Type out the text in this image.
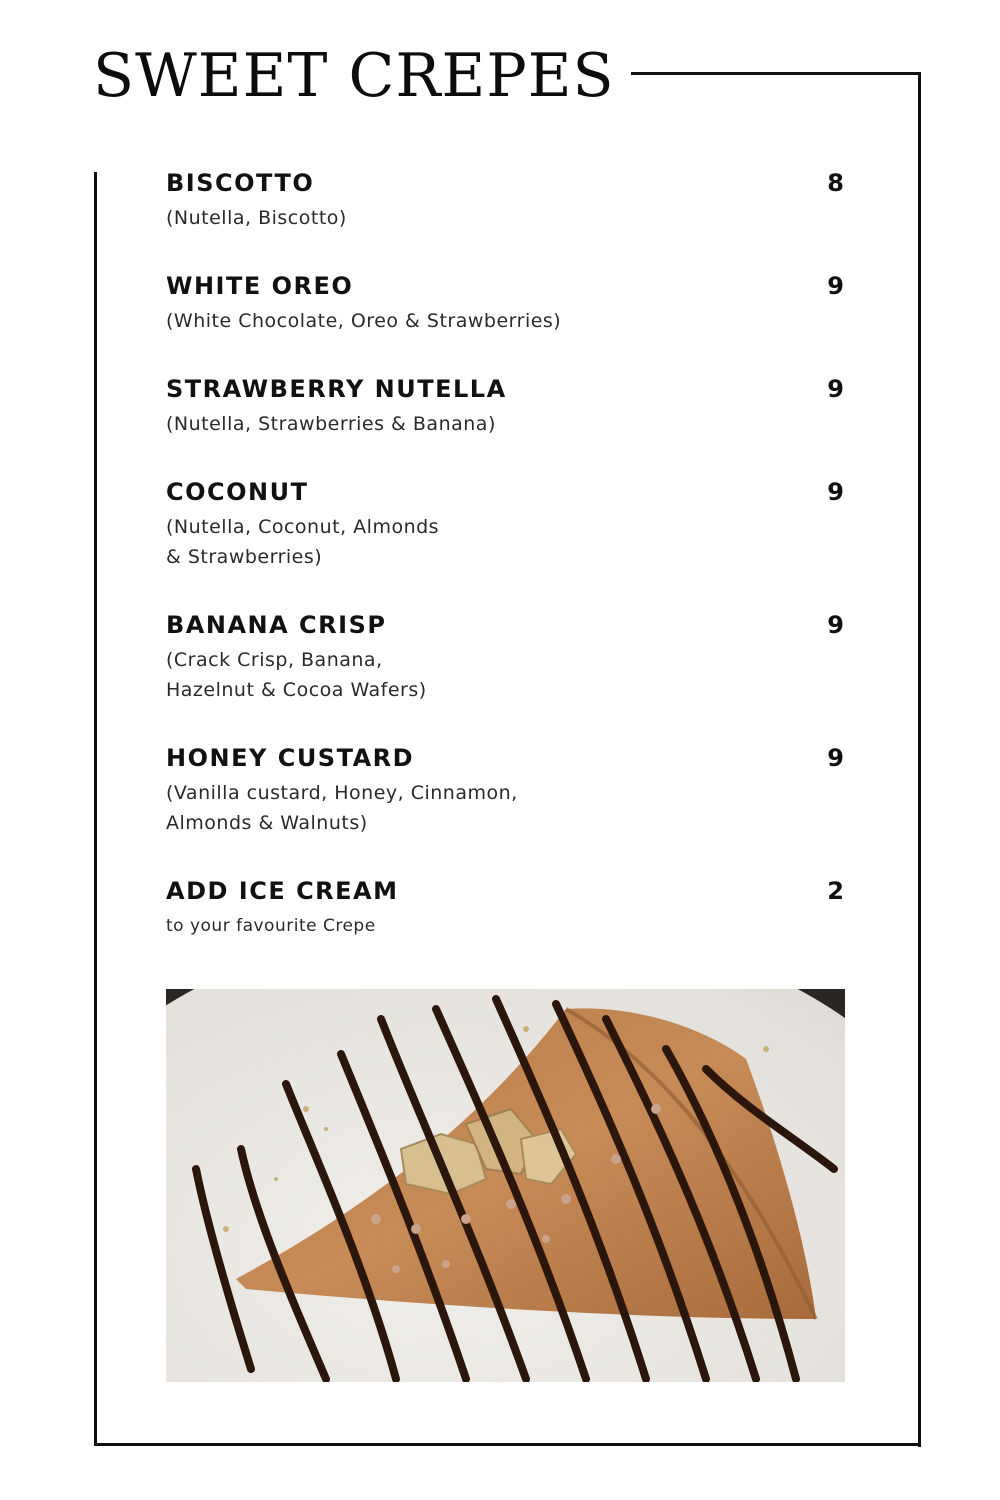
SWEET CREPES
BISCOTTO	8
(Nutella, Biscotto)
WHITE OREO	9
(White Chocolate, Oreo & Strawberries)
STRAWBERRY NUTELLA	9
(Nutella, Strawberries & Banana)
COCONUT	9
(Nutella, Coconut, Almonds
& Strawberries)
BANANA CRISP	9
(Crack Crisp, Banana,
Hazelnut & Cocoa Wafers)
HONEY CUSTARD	9
(Vanilla custard, Honey, Cinnamon,
Almonds & Walnuts)
ADD ICE CREAM	2
to your favourite Crepe
